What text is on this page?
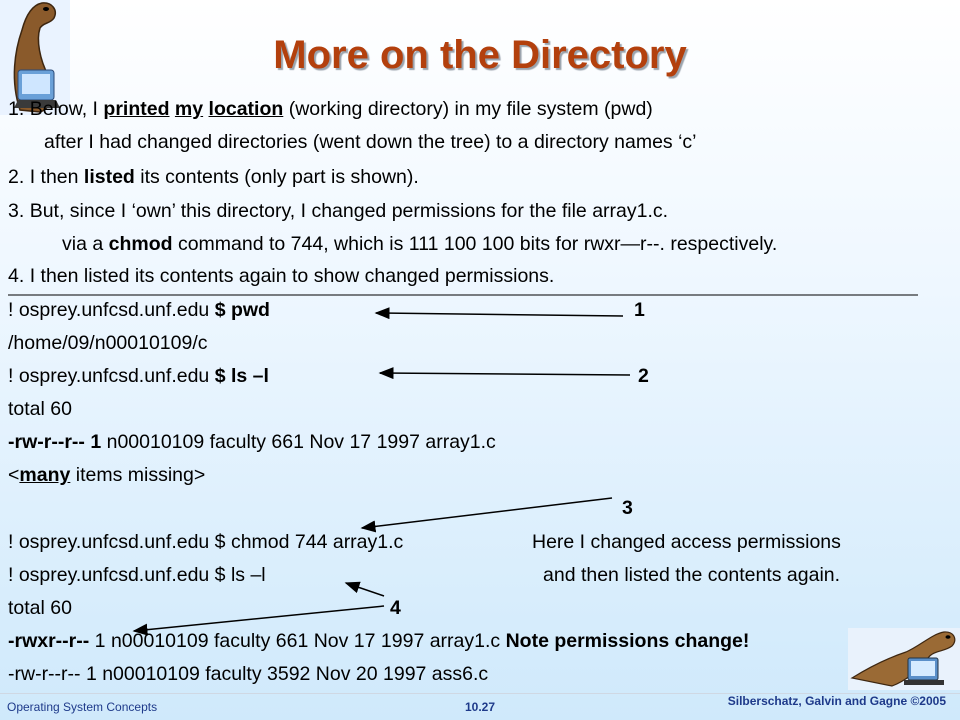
More on the Directory
1. Below, I printed my location (working directory) in my file system (pwd)
after I had changed directories (went down the tree) to a directory names ‘c’
2. I then listed its contents (only part is shown).
3. But, since I ‘own’ this directory, I changed permissions for the file array1.c.
via a chmod command to 744, which is 111 100 100 bits for rwxr—r--. respectively.
4. I then listed its contents again to show changed permissions.
! osprey.unfcsd.unf.edu $ pwd	1
/home/09/n00010109/c
! osprey.unfcsd.unf.edu $ ls –l	2
total 60
-rw-r--r-- 1 n00010109 faculty 661 Nov 17 1997 array1.c
<many items missing>
3
! osprey.unfcsd.unf.edu $ chmod 744 array1.c	Here I changed access permissions
! osprey.unfcsd.unf.edu $ ls –l	and then listed the contents again.
total 60	4
-rwxr--r-- 1 n00010109 faculty 661 Nov 17 1997 array1.c Note permissions change!
-rw-r--r-- 1 n00010109 faculty 3592 Nov 20 1997 ass6.c
Operating System Concepts	10.27	Silberschatz, Galvin and Gagne ©2005
